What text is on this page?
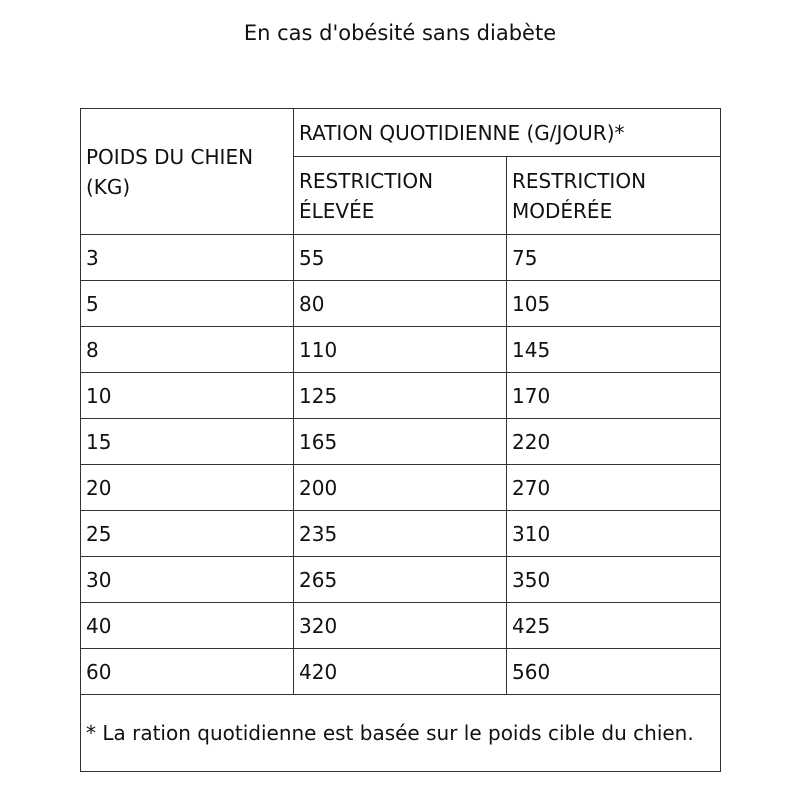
En cas d'obésité sans diabète
POIDS DU CHIEN (KG)	RATION QUOTIDIENNE (G/JOUR)*	
	RESTRICTION ÉLEVÉE	RESTRICTION MODÉRÉE
3	55	75
5	80	105
8	110	145
10	125	170
15	165	220
20	200	270
25	235	310
30	265	350
40	320	425
60	420	560
* La ration quotidienne est basée sur le poids cible du chien.		
